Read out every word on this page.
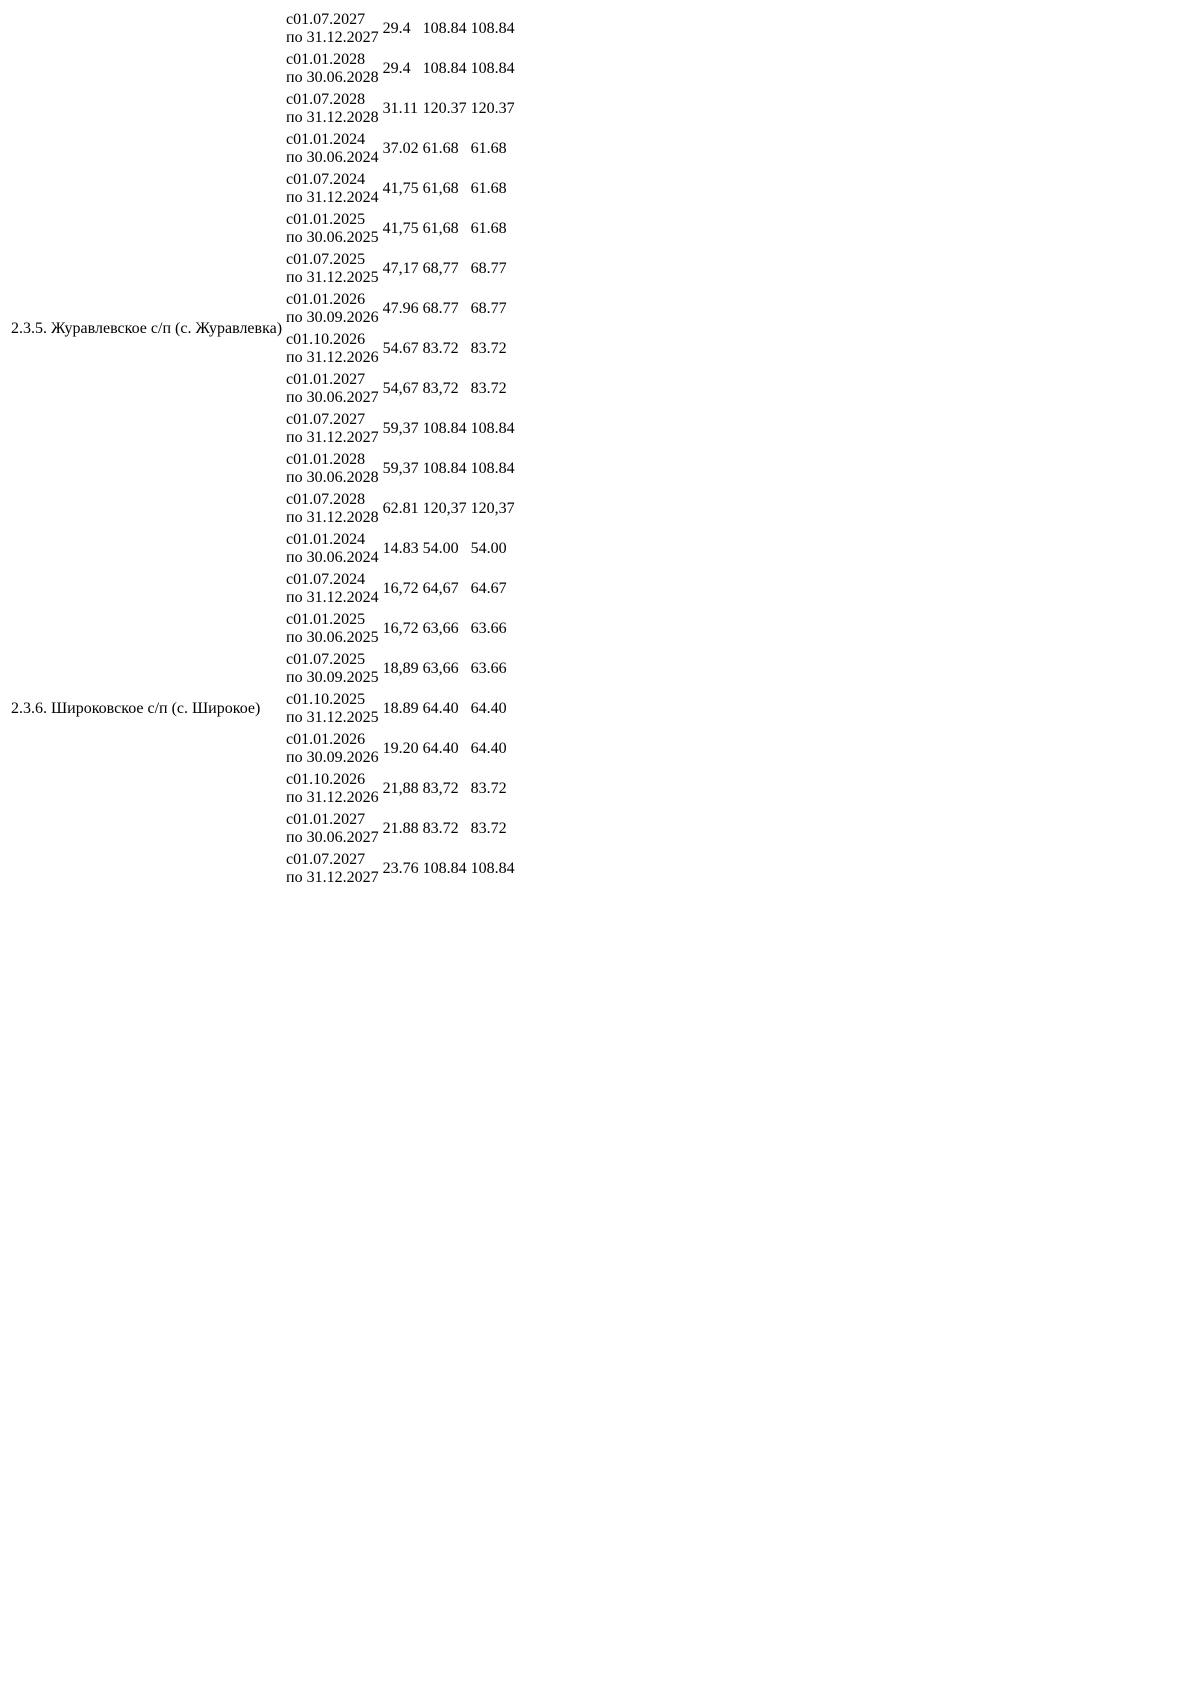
		с01.07.2027
по 31.12.2027	29.4	108.84	108.84

		с01.01.2028
по 30.06.2028	29.4	108.84	108.84

		с01.07.2028
по 31.12.2028	31.11	120.37	120.37
2.3.5.	Журавлевское с/п (с. Журавлевка)	с01.01.2024
по 30.06.2024	37.02	61.68	61.68

		с01.07.2024
по 31.12.2024	41,75	61,68	61.68

		с01.01.2025
по 30.06.2025	41,75	61,68	61.68

		с01.07.2025
по 31.12.2025	47,17	68,77	68.77

		с01.01.2026
по 30.09.2026	47.96	68.77	68.77

		с01.10.2026
по 31.12.2026	54.67	83.72	83.72

		с01.01.2027
по 30.06.2027	54,67	83,72	83.72

		с01.07.2027
по 31.12.2027	59,37	108.84	108.84

		с01.01.2028
по 30.06.2028	59,37	108.84	108.84

		с01.07.2028
по 31.12.2028	62.81	120,37	120,37
2.3.6.	Широковское с/п (с. Широкое)	с01.01.2024
по 30.06.2024	14.83	54.00	54.00

		с01.07.2024
по 31.12.2024	16,72	64,67	64.67

		с01.01.2025
по 30.06.2025	16,72	63,66	63.66

		с01.07.2025
по 30.09.2025	18,89	63,66	63.66

		с01.10.2025
по 31.12.2025	18.89	64.40	64.40

		с01.01.2026
по 30.09.2026	19.20	64.40	64.40

		с01.10.2026
по 31.12.2026	21,88	83,72	83.72

		с01.01.2027
по 30.06.2027	21.88	83.72	83.72

		с01.07.2027
по 31.12.2027	23.76	108.84	108.84
